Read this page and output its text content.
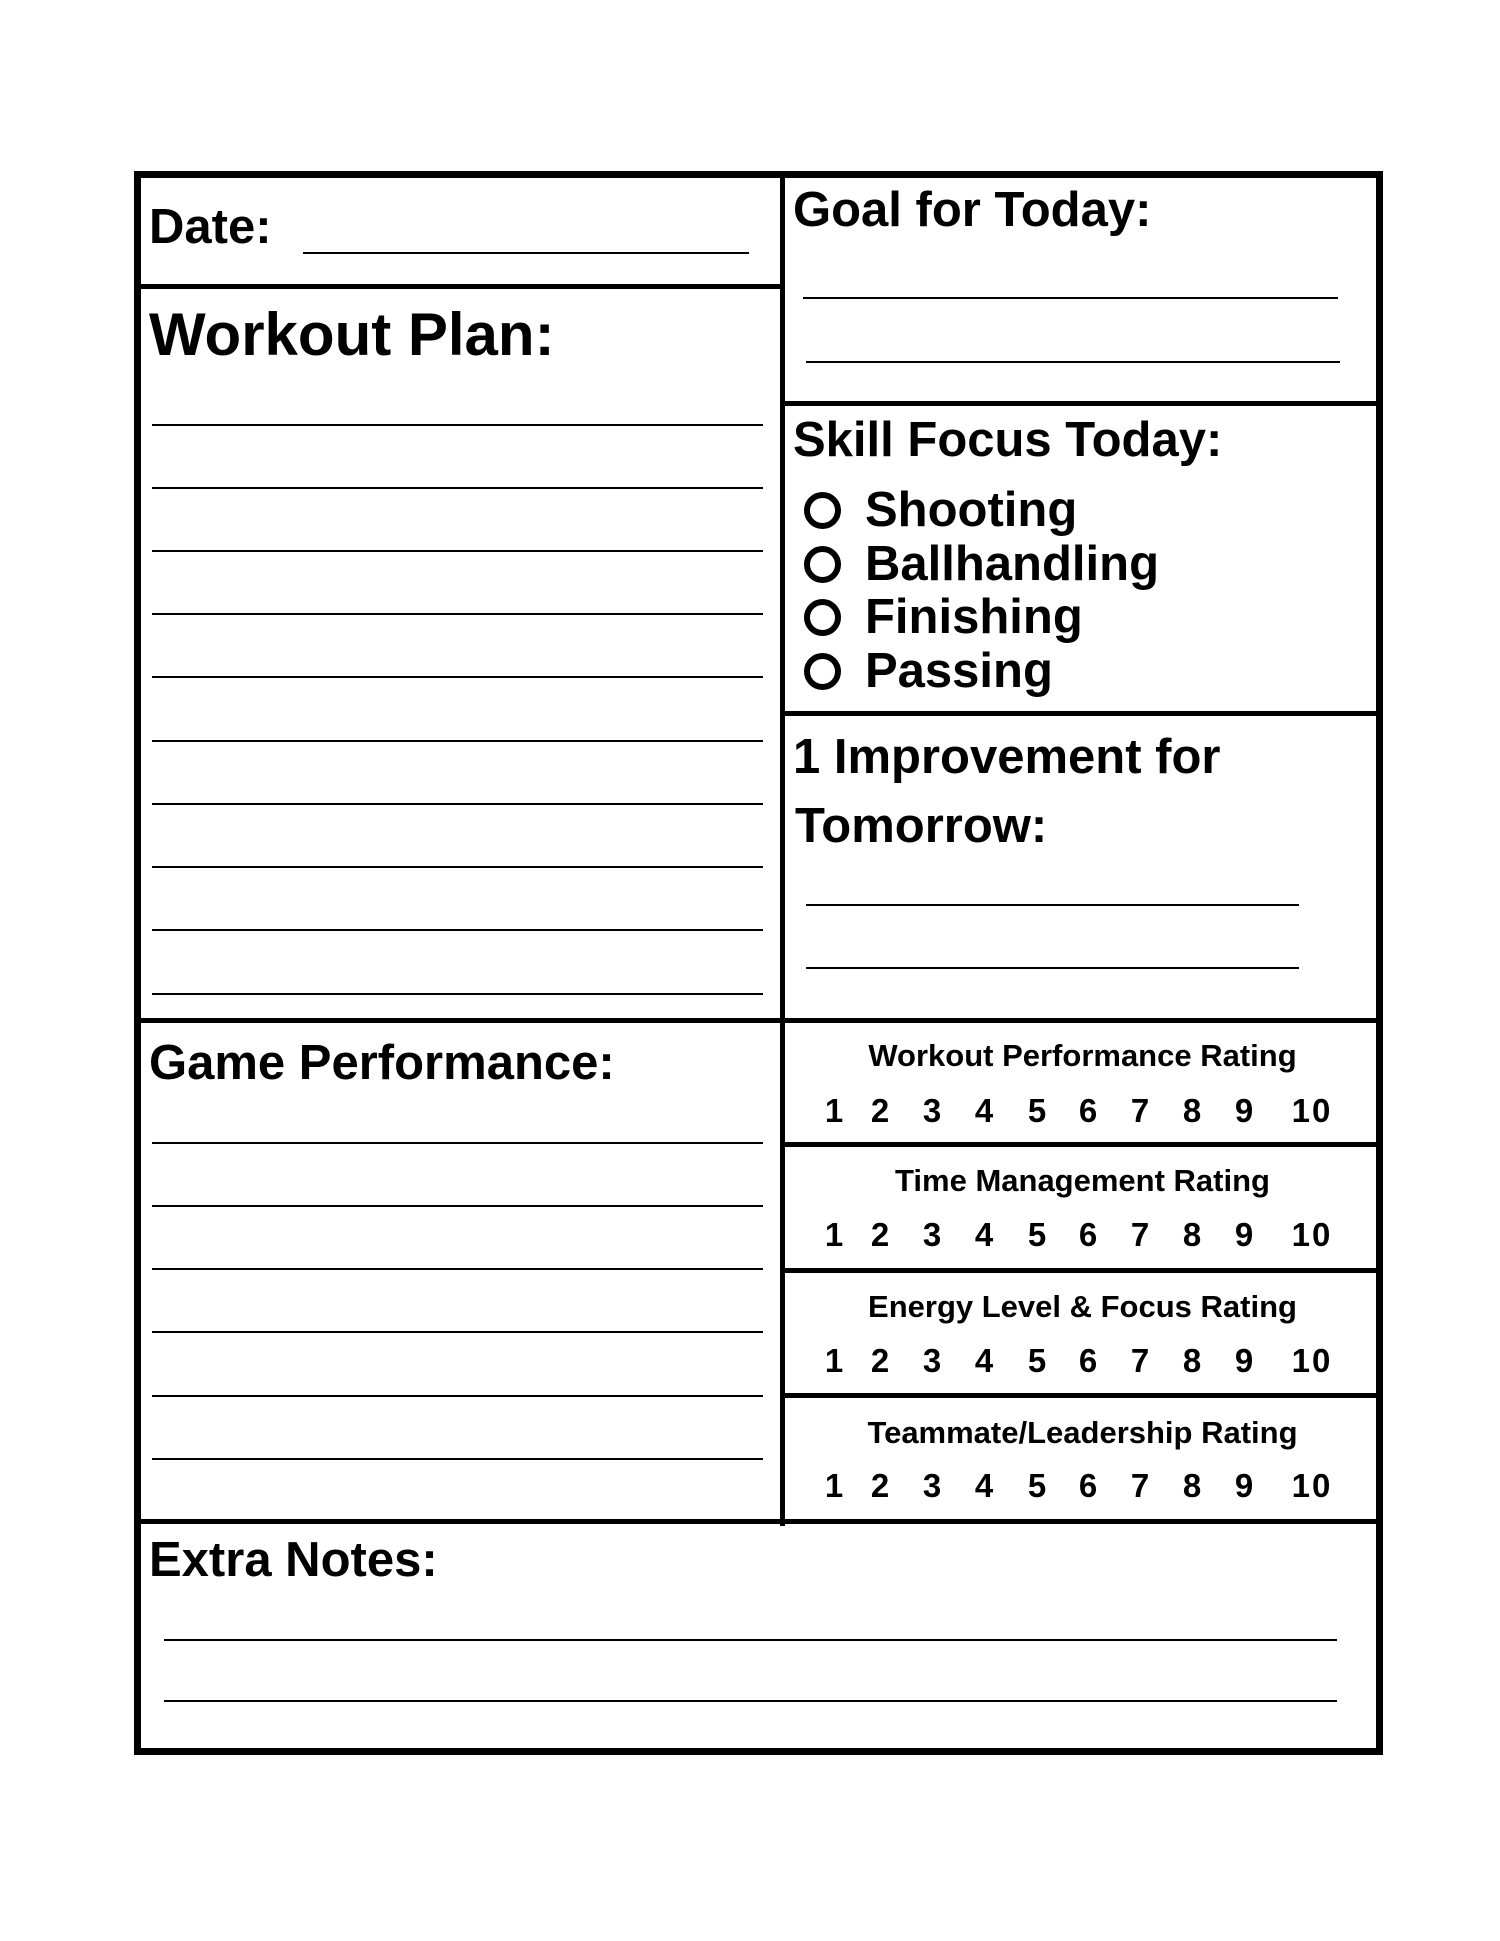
Date:
Workout Plan:
Goal for Today:
Skill Focus Today:
Shooting
Ballhandling
Finishing
Passing
1 Improvement for
Tomorrow:
Game Performance:	Workout Performance Rating
1 2 3 4 5 6 7 8 9 10
Time Management Rating
1 2 3 4 5 6 7 8 9 10
Energy Level & Focus Rating
1 2 3 4 5 6 7 8 9 10
Teammate/Leadership Rating
1 2 3 4 5 6 7 8 9 10
Extra Notes:
